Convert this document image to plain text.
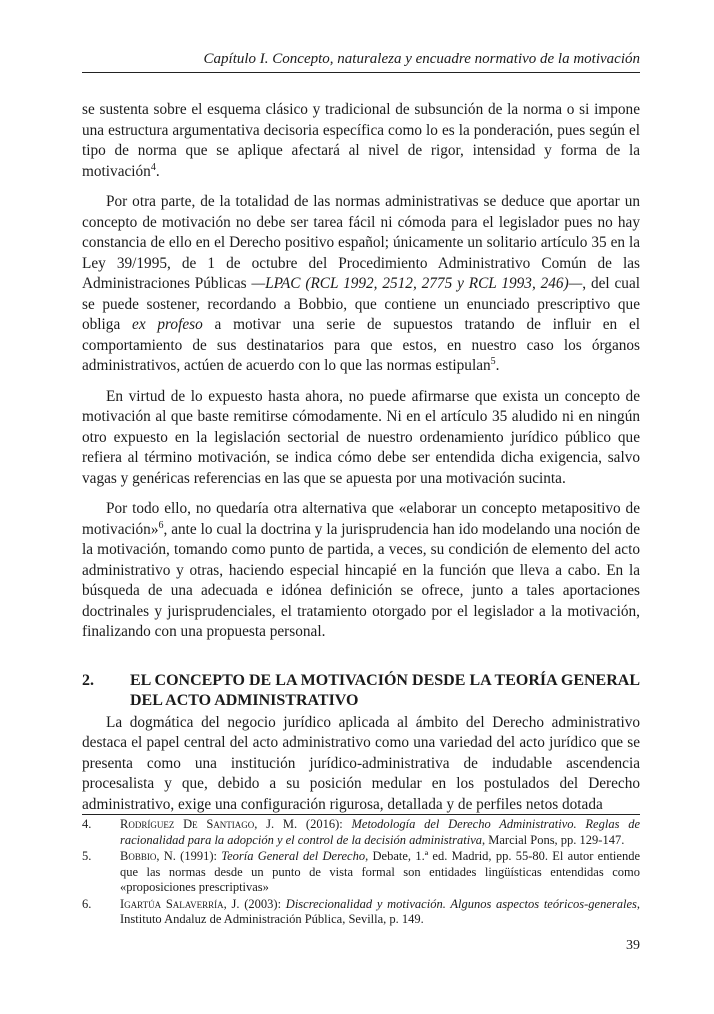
Capítulo I. Concepto, naturaleza y encuadre normativo de la motivación

se sustenta sobre el esquema clásico y tradicional de subsunción de la norma o si impone una estructura argumentativa decisoria específica como lo es la ponderación, pues según el tipo de norma que se aplique afectará al nivel de rigor, intensidad y forma de la motivación$^4$.

Por otra parte, de la totalidad de las normas administrativas se deduce que aportar un concepto de motivación no debe ser tarea fácil ni cómoda para el legislador pues no hay constancia de ello en el Derecho positivo español; únicamente un solitario artículo 35 en la Ley 39/1995, de 1 de octubre del Procedimiento Administrativo Común de las Administraciones Públicas —LPAC (RCL 1992, 2512, 2775 y RCL 1993, 246)—, del cual se puede sostener, recordando a Bobbio, que contiene un enunciado prescriptivo que obliga ex profeso a motivar una serie de supuestos tratando de influir en el comportamiento de sus destinatarios para que estos, en nuestro caso los órganos administrativos, actúen de acuerdo con lo que las normas estipulan$^5$.

En virtud de lo expuesto hasta ahora, no puede afirmarse que exista un concepto de motivación al que baste remitirse cómodamente. Ni en el artículo 35 aludido ni en ningún otro expuesto en la legislación sectorial de nuestro ordenamiento jurídico público que refiera al término motivación, se indica cómo debe ser entendida dicha exigencia, salvo vagas y genéricas referencias en las que se apuesta por una motivación sucinta.

Por todo ello, no quedaría otra alternativa que «elaborar un concepto metapositivo de motivación»$^6$, ante lo cual la doctrina y la jurisprudencia han ido modelando una noción de la motivación, tomando como punto de partida, a veces, su condición de elemento del acto administrativo y otras, haciendo especial hincapié en la función que lleva a cabo. En la búsqueda de una adecuada e idónea definición se ofrece, junto a tales aportaciones doctrinales y jurisprudenciales, el tratamiento otorgado por el legislador a la motivación, finalizando con una propuesta personal.

2.	EL CONCEPTO DE LA MOTIVACIÓN DESDE LA TEORÍA GENERAL DEL ACTO ADMINISTRATIVO

La dogmática del negocio jurídico aplicada al ámbito del Derecho administrativo destaca el papel central del acto administrativo como una variedad del acto jurídico que se presenta como una institución jurídico-administrativa de indudable ascendencia procesalista y que, debido a su posición medular en los postulados del Derecho administrativo, exige una configuración rigurosa, detallada y de perfiles netos dotada

4.	Rodríguez De Santiago, J. M. (2016): Metodología del Derecho Administrativo. Reglas de racionalidad para la adopción y el control de la decisión administrativa, Marcial Pons, pp. 129-147.
5.	Bobbio, N. (1991): Teoría General del Derecho, Debate, 1.ª ed. Madrid, pp. 55-80. El autor entiende que las normas desde un punto de vista formal son entidades lingüísticas entendidas como «proposiciones prescriptivas»
6.	Igartúa Salaverría, J. (2003): Discrecionalidad y motivación. Algunos aspectos teóricos-generales, Instituto Andaluz de Administración Pública, Sevilla, p. 149.
39
